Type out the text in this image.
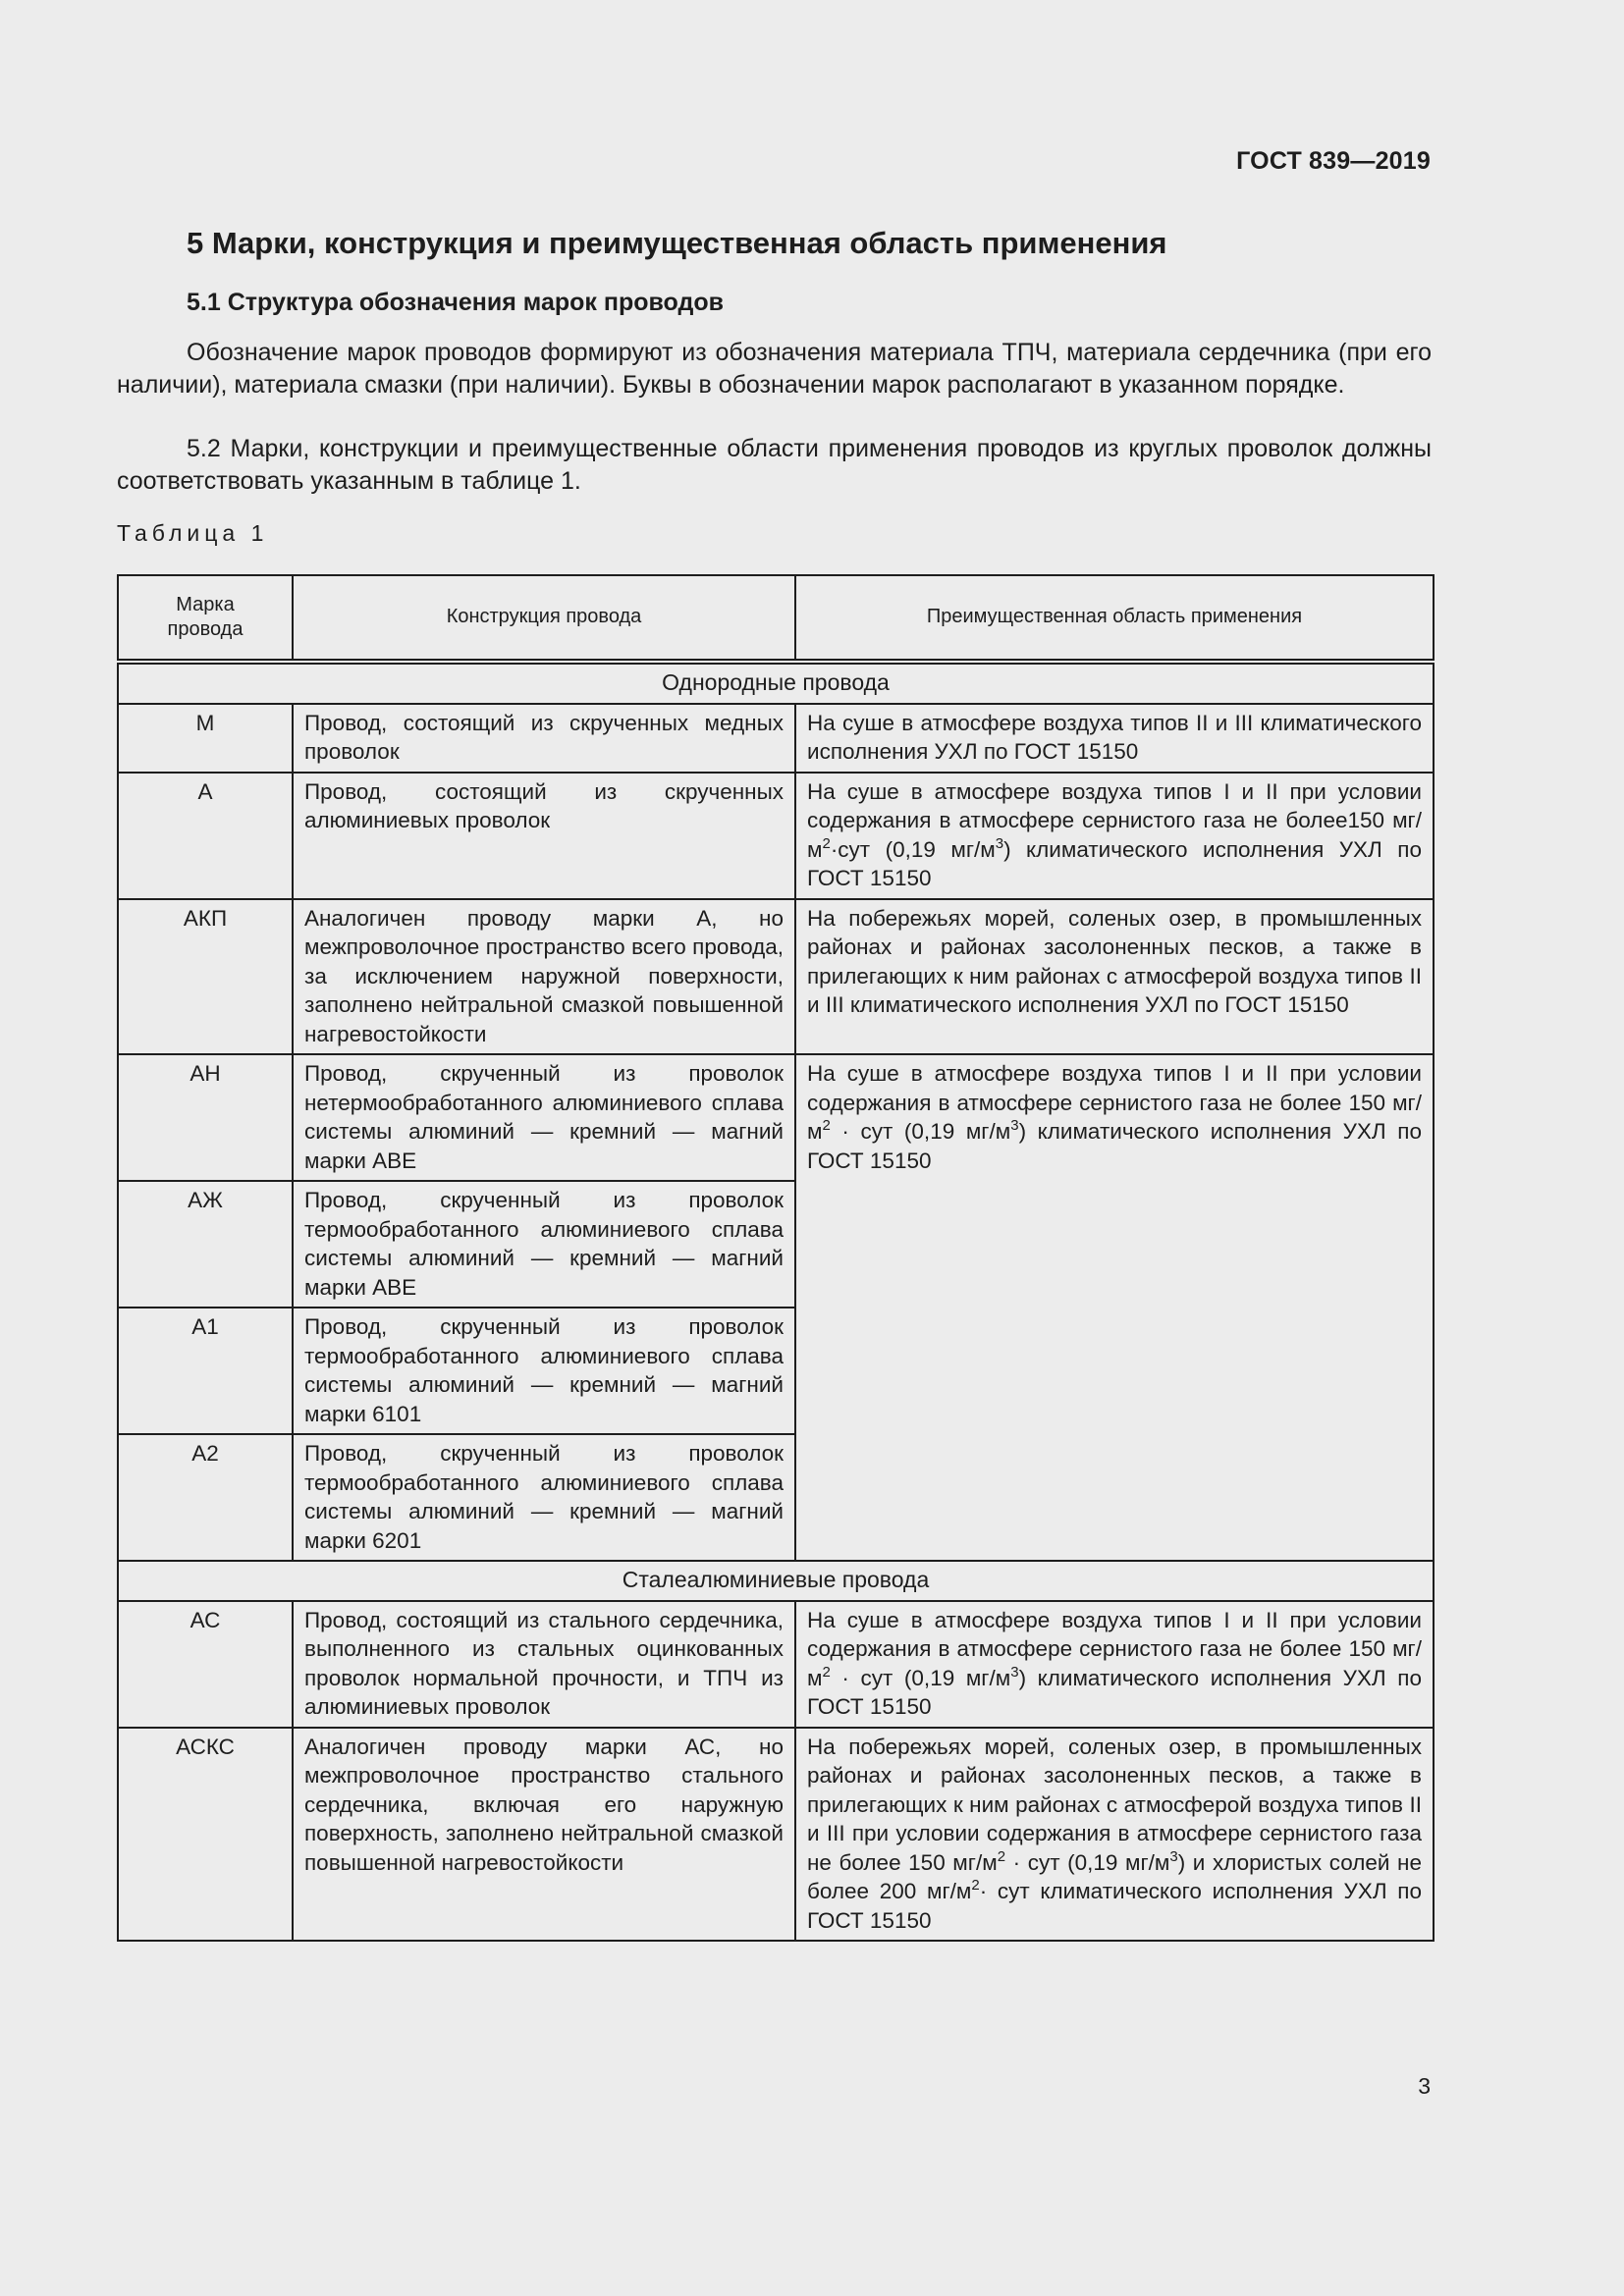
ГОСТ 839—2019
5 Марки, конструкция и преимущественная область применения
5.1 Структура обозначения марок проводов

Обозначение марок проводов формируют из обозначения материала ТПЧ, материала сердечника (при его наличии), материала смазки (при наличии). Буквы в обозначении марок располагают в указанном порядке.

5.2 Марки, конструкции и преимущественные области применения проводов из круглых проволок должны соответствовать указанным в таблице 1.

Таблица 1
Марка провода	Конструкция провода	Преимущественная область применения
Однородные провода		
М	Провод, состоящий из скрученных медных проволок	На суше в атмосфере воздуха типов II и III климатического исполнения УХЛ по ГОСТ 15150
А	Провод, состоящий из скрученных алюминиевых проволок	На суше в атмосфере воздуха типов I и II при условии содержания в атмосфере сернистого газа не более150 $мг/м^2\cdot сут$ (0,19 $мг/м^3$) климатического исполнения УХЛ по ГОСТ 15150
АКП	Аналогичен проводу марки А, но межпроволочное пространство всего провода, за исключением наружной поверхности, заполнено нейтральной смазкой повышенной нагревостойкости	На побережьях морей, соленых озер, в промышленных районах и районах засолоненных песков, а также в прилегающих к ним районах с атмосферой воздуха типов II и III климатического исполнения УХЛ по ГОСТ 15150
АН	Провод, скрученный из проволок нетермообработанного алюминиевого сплава системы алюминий — кремний — магний марки АВЕ	На суше в атмосфере воздуха типов I и II при условии содержания в атмосфере сернистого газа не более 150 $мг/м^2$ · сут (0,19 $мг/м^3$) климатического исполнения УХЛ по ГОСТ 15150
АЖ	Провод, скрученный из проволок термообработанного алюминиевого сплава системы алюминий — кремний — магний марки АВЕ	
А1	Провод, скрученный из проволок термообработанного алюминиевого сплава системы алюминий — кремний — магний марки 6101	
А2	Провод, скрученный из проволок термообработанного алюминиевого сплава системы алюминий — кремний — магний марки 6201	
Сталеалюминиевые провода		
АС	Провод, состоящий из стального сердечника, выполненного из стальных оцинкованных проволок нормальной прочности, и ТПЧ из алюминиевых проволок	На суше в атмосфере воздуха типов I и II при условии содержания в атмосфере сернистого газа не более 150 $мг/м^2$ · сут (0,19 $мг/м^3$) климатического исполнения УХЛ по ГОСТ 15150
АСКС	Аналогичен проводу марки АС, но межпроволочное пространство стального сердечника, включая его наружную поверхность, заполнено нейтральной смазкой повышенной нагревостойкости	На побережьях морей, соленых озер, в промышленных районах и районах засолоненных песков, а также в прилегающих к ним районах с атмосферой воздуха типов II и III при условии содержания в атмосфере сернистого газа не более 150 $мг/м^2$ · сут (0,19 $мг/м^3$) и хлористых солей не более 200 $мг/м^2\cdot$ сут климатического исполнения УХЛ по ГОСТ 15150
3
